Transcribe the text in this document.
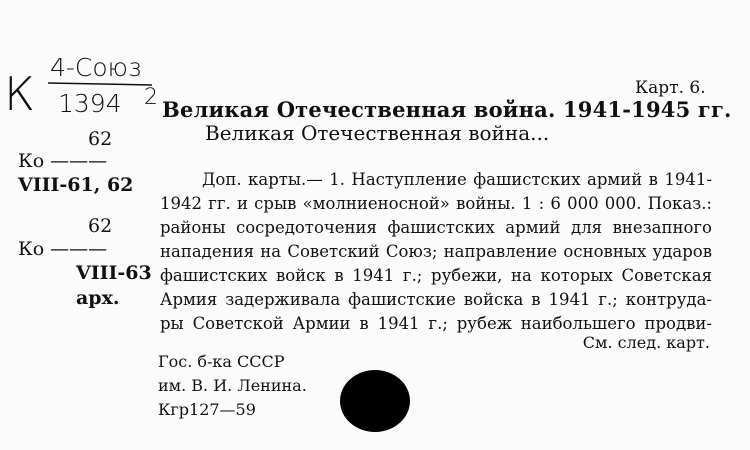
К 4-Союз
1394 2	Карт. 6.
Великая Отечественная война. 1941-1945 гг.
Великая Отечественная война...
62
Ко ———
VIII-61, 62
62
Ко ———
VIII-63
арх.
Доп. карты.— 1. Наступление фашистских армий в 1941-
1942 гг. и срыв «молниеносной» войны. 1 : 6 000 000. Показ.:
районы сосредоточения фашистских армий для внезапного
нападения на Советский Союз; направление основных ударов
фашистских войск в 1941 г.; рубежи, на которых Советская
Армия задерживала фашистские войска в 1941 г.; контруда-
ры Советской Армии в 1941 г.; рубеж наибольшего продви-
См. след. карт.
Гос. б-ка СССР
им. В. И. Ленина.
Кгр127—59
